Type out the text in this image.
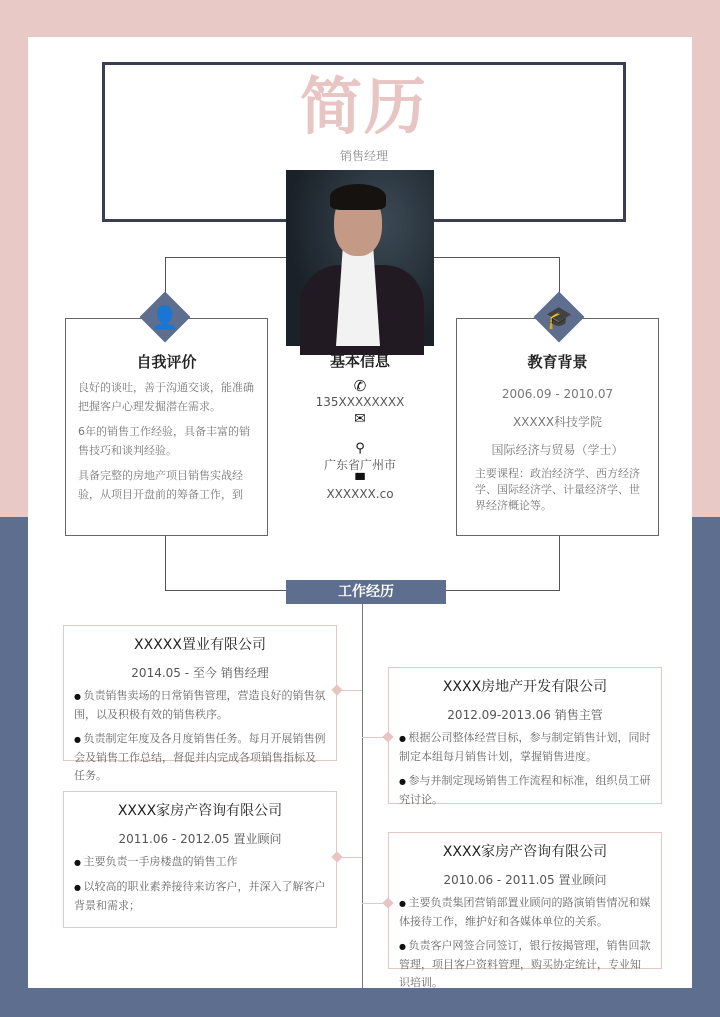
简历
销售经理
自我评价

良好的谈吐，善于沟通交谈，能准确把握客户心理发掘潜在需求。

6年的销售工作经验，具备丰富的销售技巧和谈判经验。

具备完整的房地产项目销售实战经验，从项目开盘前的筹备工作，到

👤
教育背景
2006.09 - 2010.07
XXXXX科技学院
国际经济与贸易（学士）
主要课程：政治经济学、西方经济学、国际经济学、计量经济学、世界经济概论等。
🎓
基本信息
✆
135XXXXXXXX
✉
⚲
广东省广州市
▀
XXXXXX.co
工作经历
XXXXX置业有限公司
2014.05 - 至今 销售经理
● 负责销售卖场的日常销售管理，营造良好的销售氛围，以及积极有效的销售秩序。
● 负责制定年度及各月度销售任务。每月开展销售例会及销售工作总结，督促并内完成各项销售指标及任务。
XXXX房地产开发有限公司
2012.09-2013.06 销售主管
● 根据公司整体经营目标，参与制定销售计划，同时制定本组每月销售计划，掌握销售进度。
● 参与并制定现场销售工作流程和标准，组织员工研究讨论。
XXXX家房产咨询有限公司
2011.06 - 2012.05 置业顾问
● 主要负责一手房楼盘的销售工作
● 以较高的职业素养接待来访客户，并深入了解客户背景和需求；
XXXX家房产咨询有限公司
2010.06 - 2011.05 置业顾问
● 主要负责集团营销部置业顾问的路演销售情况和媒体接待工作，维护好和各媒体单位的关系。
● 负责客户网签合同签订，银行按揭管理，销售回款管理，项目客户资料管理，购买协定统计，专业知识培训。
